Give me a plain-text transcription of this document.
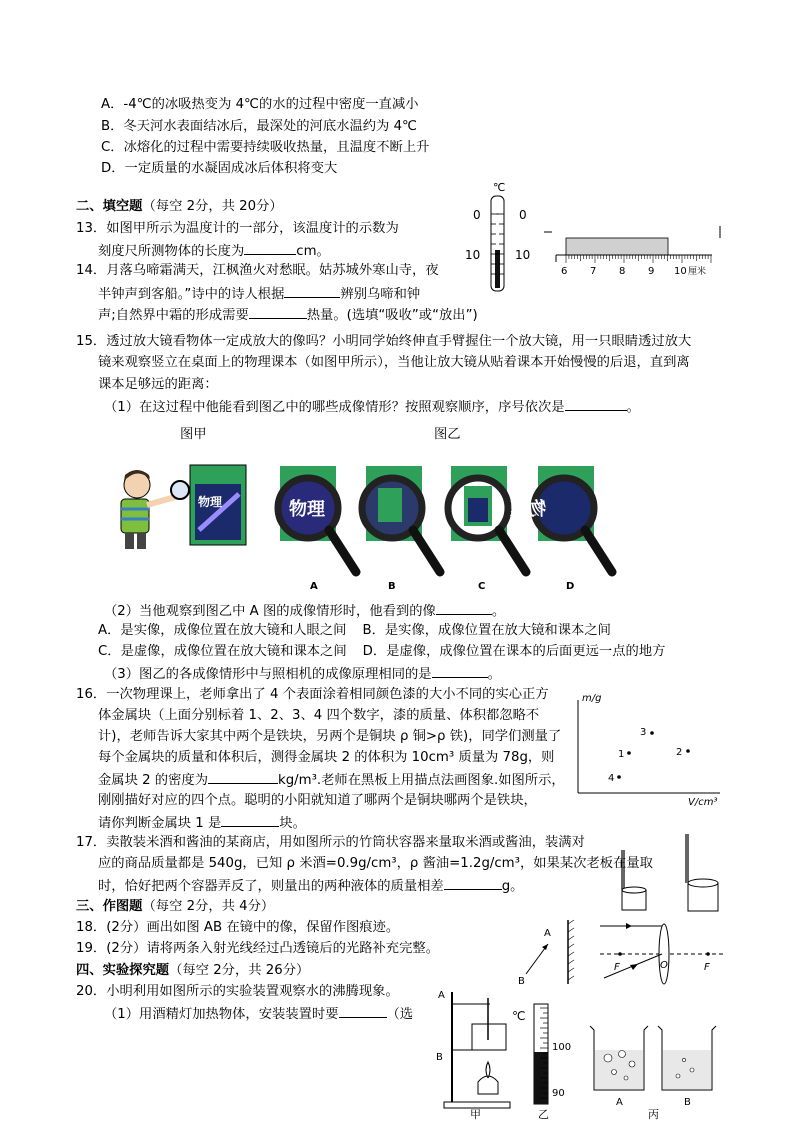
A．-4℃的冰吸热变为 4℃的水的过程中密度一直减小
B．冬天河水表面结冰后，最深处的河底水温约为 4℃
C．冰熔化的过程中需要持续吸收热量，且温度不断上升
D．一定质量的水凝固成冰后体积将变大
二、填空题（每空 2分，共 20分）
13．如图甲所示为温度计的一部分，该温度计的示数为
刻度尺所测物体的长度为	cm。
14．月落乌啼霜满天，江枫渔火对愁眠。姑苏城外寒山寺，夜
半钟声到客船。”诗中的诗人根据	辨别乌啼和钟
声;自然界中霜的形成需要	热量。(选填“吸收”或“放出”)
℃
0	0
10	10
6 7 8 9 10 厘米
15．透过放大镜看物体一定成放大的像吗？小明同学始终伸直手臂握住一个放大镜，用一只眼睛透过放大
镜来观察竖立在桌面上的物理课本（如图甲所示），当他让放大镜从贴着课本开始慢慢的后退，直到离
课本足够远的距离：
（1）在这过程中他能看到图乙中的哪些成像情形？按照观察顺序，序号依次是	。
图甲	图乙
物理	物理
A	B	C
物理
D
（2）当他观察到图乙中 A 图的成像情形时，他看到的像	。
A．是实像，成像位置在放大镜和人眼之间 B．是实像，成像位置在放大镜和课本之间
C．是虚像，成像位置在放大镜和课本之间 D．是虚像，成像位置在课本的后面更远一点的地方
（3）图乙的各成像情形中与照相机的成像原理相同的是	。
16．一次物理课上，老师拿出了 4 个表面涂着相同颜色漆的大小不同的实心正方
体金属块（上面分别标着 1、2、3、4 四个数字，漆的质量、体积都忽略不
计)，老师告诉大家其中两个是铁块，另两个是铜块 ρ 铜>ρ 铁)，同学们测量了
每个金属块的质量和体积后，测得金属块 2 的体积为 10cm³ 质量为 78g，则
金属块 2 的密度为	kg/m³.老师在黑板上用描点法画图象.如图所示，
刚刚描好对应的四个点。聪明的小阳就知道了哪两个是铜块哪两个是铁块，
请你判断金属块 1 是	块。
m/g
V/cm³
3
1	2
4
17．卖散装米酒和酱油的某商店，用如图所示的竹筒状容器来量取米酒或酱油，装满对
应的商品质量都是 540g，已知 ρ 米酒=0.9g/cm³，ρ 酱油=1.2g/cm³，如果某次老板在量取
时，恰好把两个容器弄反了，则量出的两种液体的质量相差	g。
三、作图题（每空 2分，共 4分）
18．(2分）画出如图 AB 在镜中的像，保留作图痕迹。
19．(2分）请将两条入射光线经过凸透镜后的光路补充完整。
A
B
F	O	F
四、实验探究题（每空 2分，共 26分）
20．小明利用如图所示的实验装置观察水的沸腾现象。
（1）用酒精灯加热物体，安装装置时要	（选
A
B
甲
℃
100
90
乙
A	B
丙
